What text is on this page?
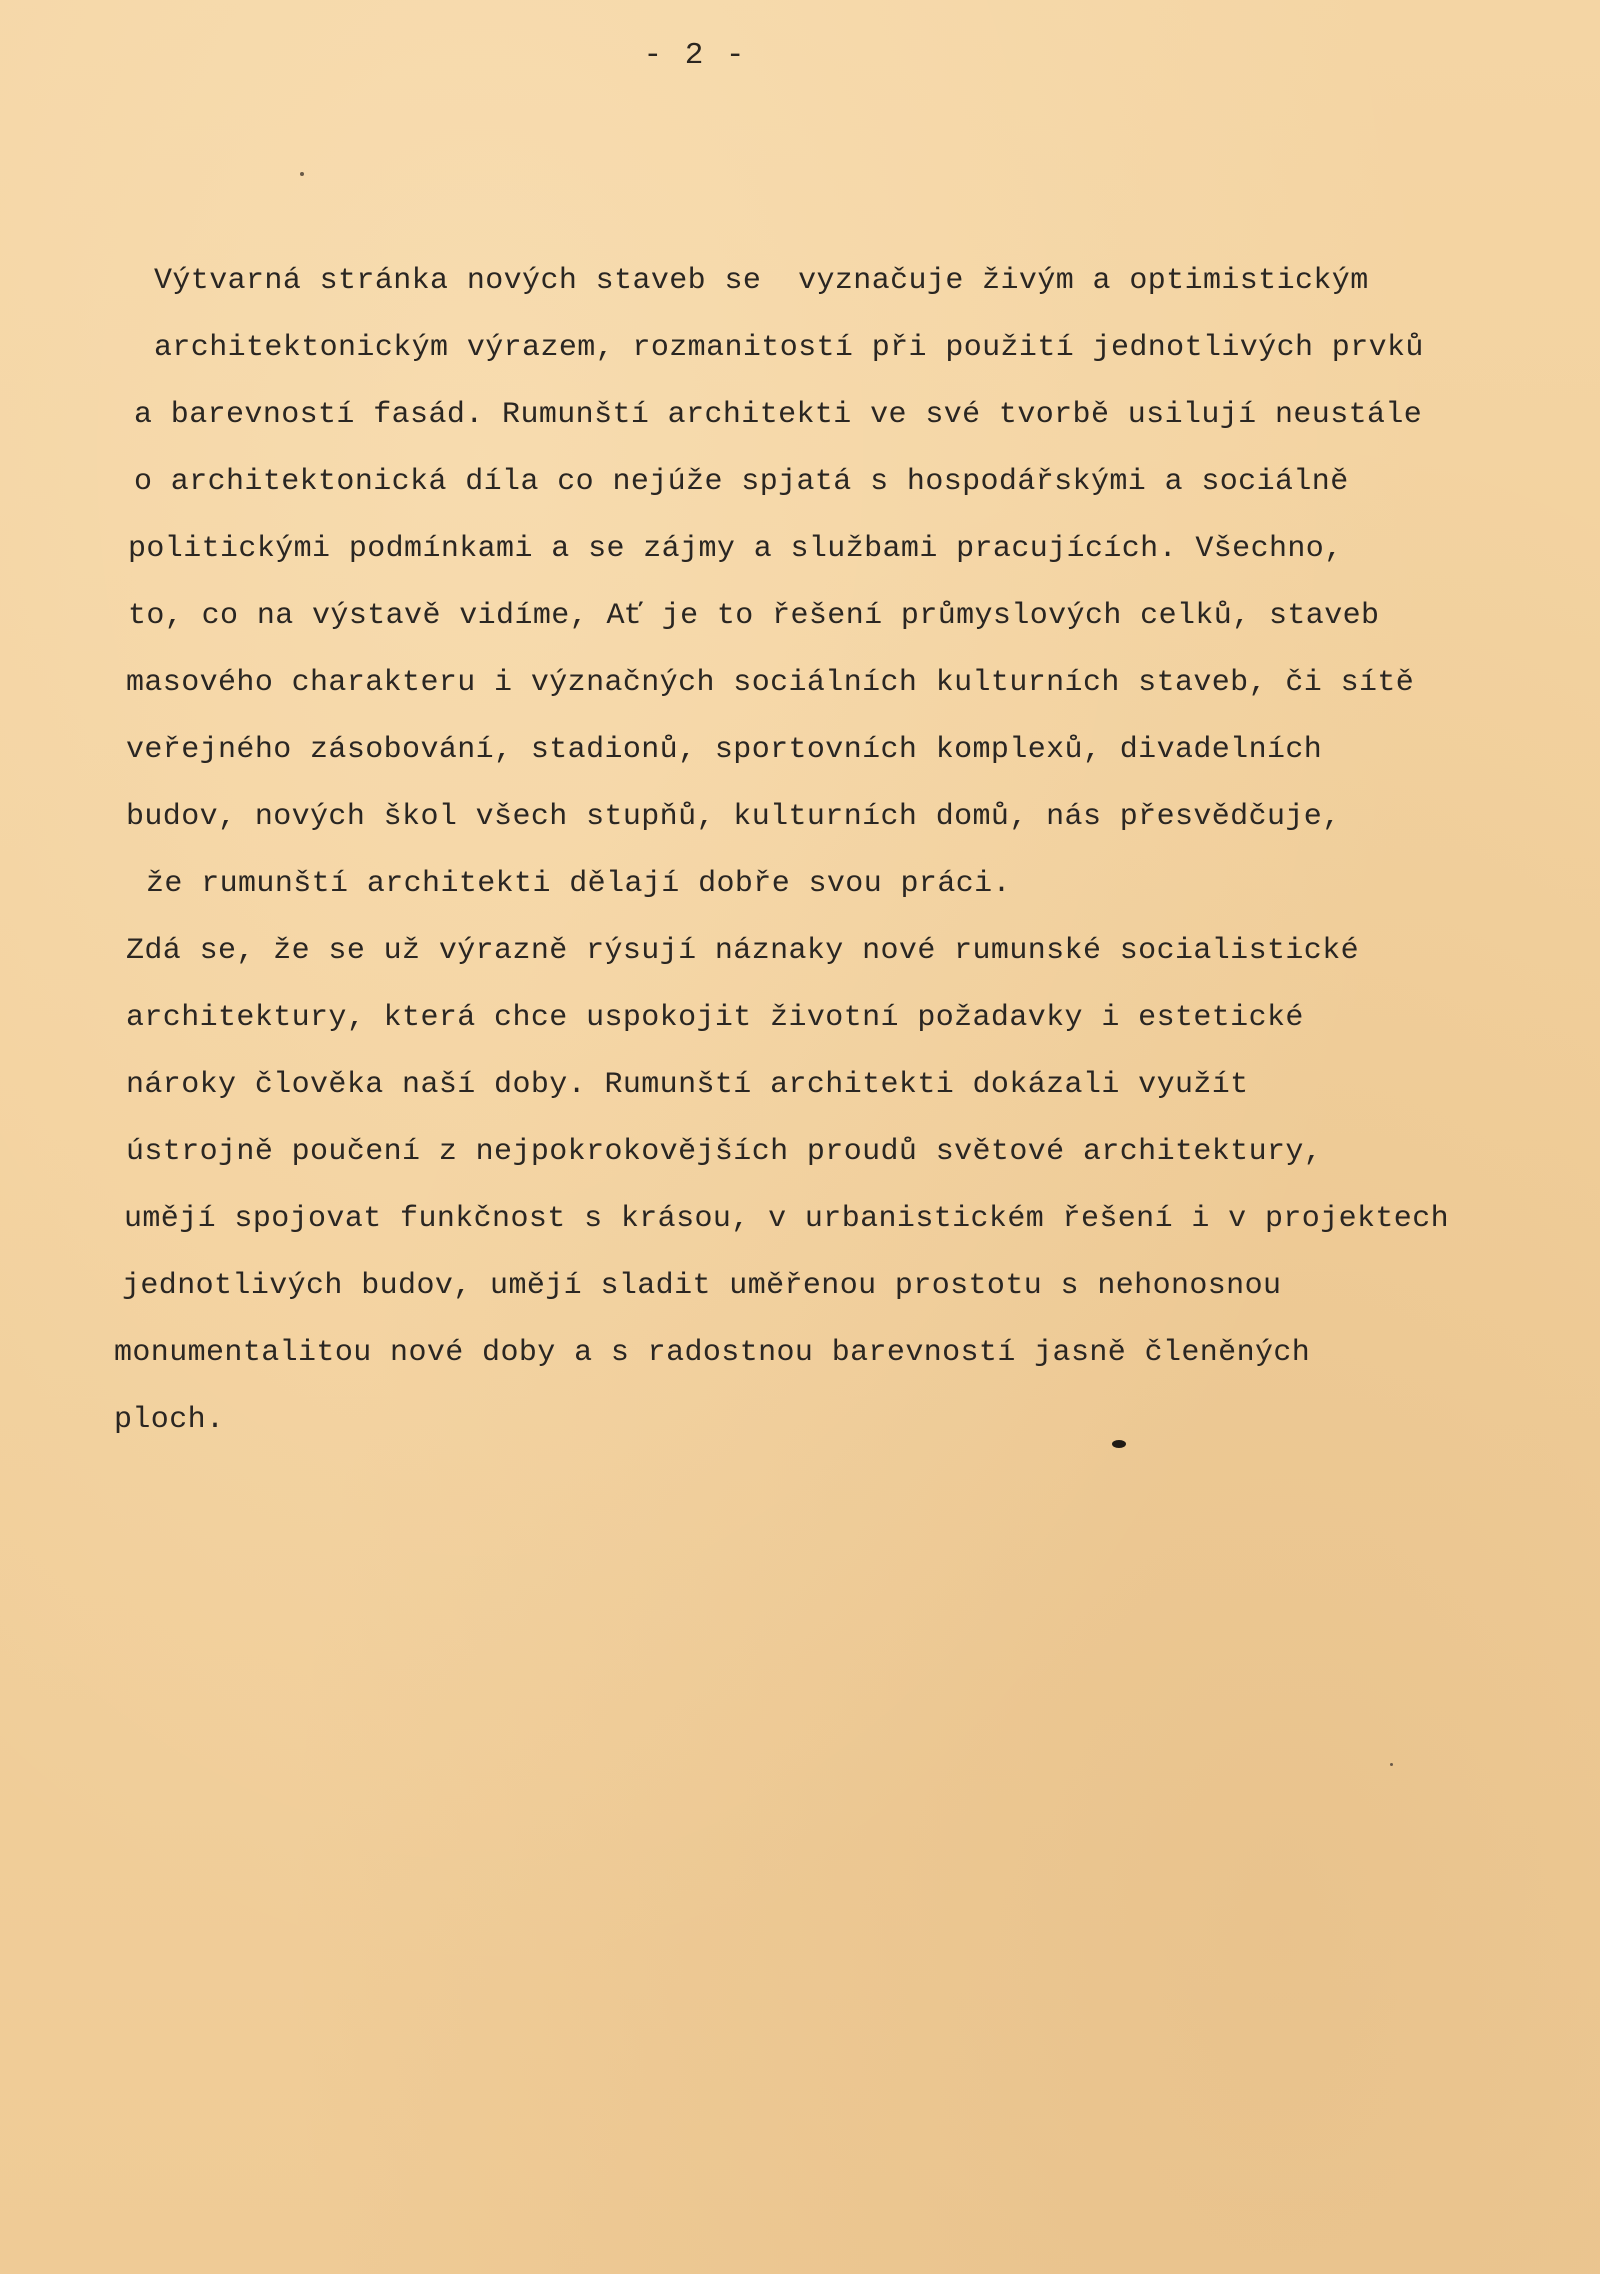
- 2 -
Výtvarná stránka nových staveb se  vyznačuje živým a optimistickým
architektonickým výrazem, rozmanitostí při použití jednotlivých prvků
a barevností fasád. Rumunští architekti ve své tvorbě usilují neustále
o architektonická díla co nejúže spjatá s hospodářskými a sociálně
politickými podmínkami a se zájmy a službami pracujících. Všechno,
to, co na výstavě vidíme, Ať je to řešení průmyslových celků, staveb
masového charakteru i význačných sociálních kulturních staveb, či sítě
veřejného zásobování, stadionů, sportovních komplexů, divadelních
budov, nových škol všech stupňů, kulturních domů, nás přesvědčuje,
že rumunští architekti dělají dobře svou práci.
Zdá se, že se už výrazně rýsují náznaky nové rumunské socialistické
architektury, která chce uspokojit životní požadavky i estetické
nároky člověka naší doby. Rumunští architekti dokázali využít
ústrojně poučení z nejpokrokovějších proudů světové architektury,
umějí spojovat funkčnost s krásou, v urbanistickém řešení i v projektech
jednotlivých budov, umějí sladit uměřenou prostotu s nehonosnou
monumentalitou nové doby a s radostnou barevností jasně členěných
ploch.
